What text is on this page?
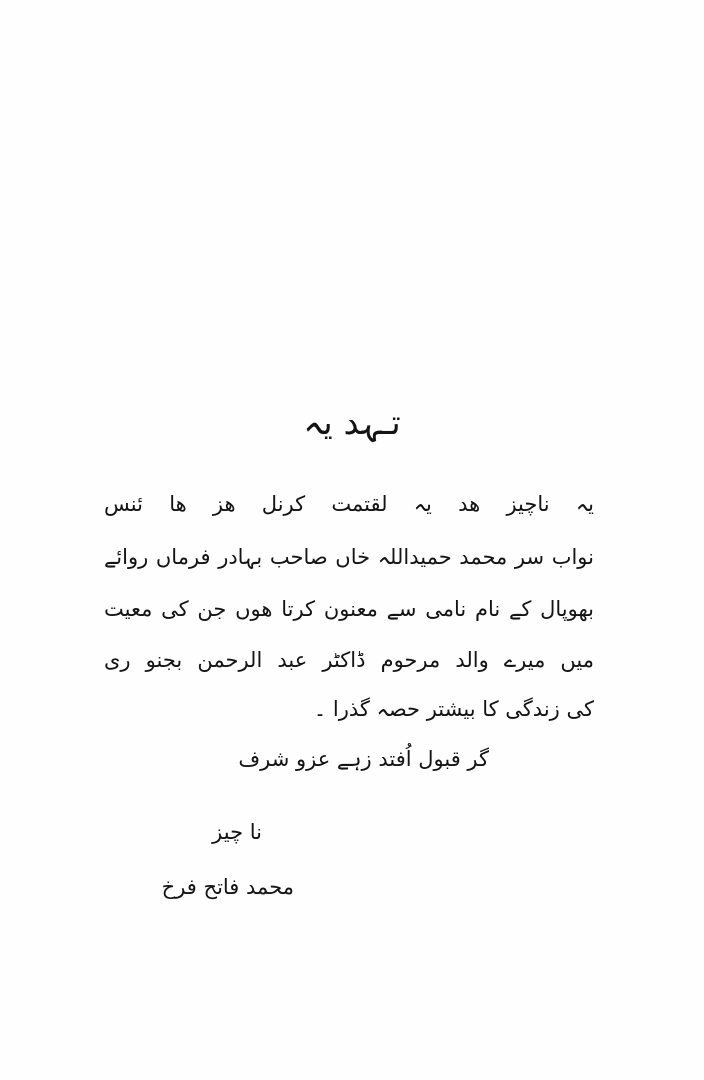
تـہد یہ
یہ ناچیز ھد یہ لقتمت کرنل ھز ھا ئنس
نواب سر محمد حمیداللہ خاں صاحب بہادر فرماں روائے
بھوپال کے نام نامی سے معنون کرتا ھوں جن کی معیت
میں میرے والد مرحوم ڈاکٹر عبد الرحمن بجنو ری
کی زندگی کا بیشتر حصہ گذرا ۔
گر قبول اُفتد زہے عزو شرف
نا چیز
محمد فاتح فرخ
